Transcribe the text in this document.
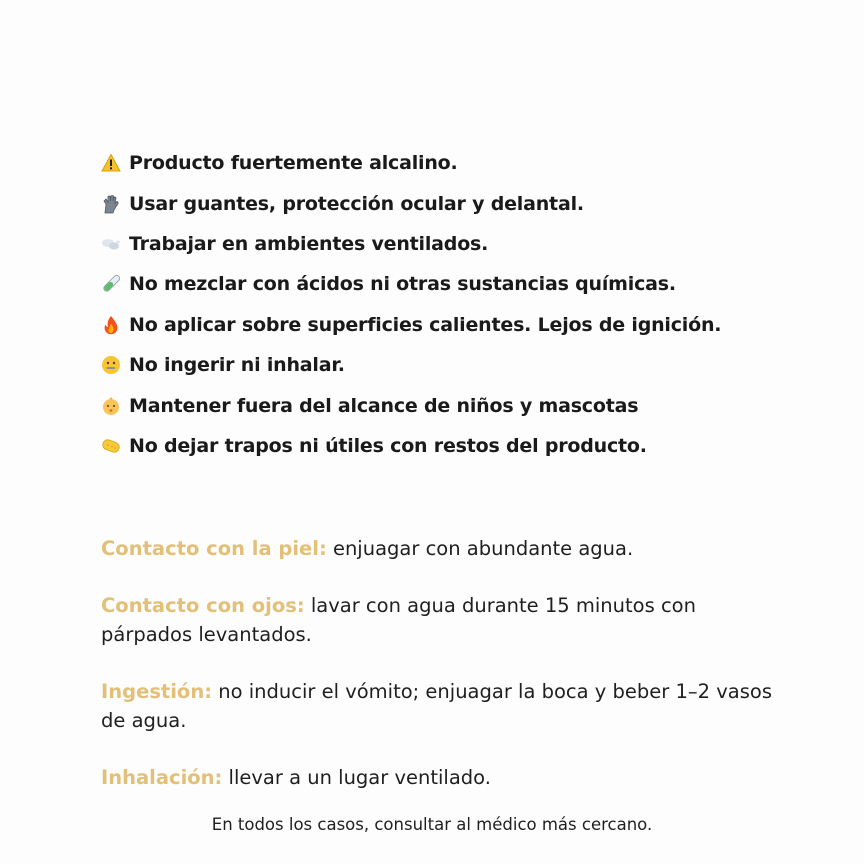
Producto fuertemente alcalino.
Usar guantes, protección ocular y delantal.
Trabajar en ambientes ventilados.
No mezclar con ácidos ni otras sustancias químicas.
No aplicar sobre superficies calientes. Lejos de ignición.
No ingerir ni inhalar.
Mantener fuera del alcance de niños y mascotas
No dejar trapos ni útiles con restos del producto.

Contacto con la piel: enjuagar con abundante agua.

Contacto con ojos: lavar con agua durante 15 minutos con párpados levantados.

Ingestión: no inducir el vómito; enjuagar la boca y beber 1–2 vasos de agua.

Inhalación: llevar a un lugar ventilado.

En todos los casos, consultar al médico más cercano.
